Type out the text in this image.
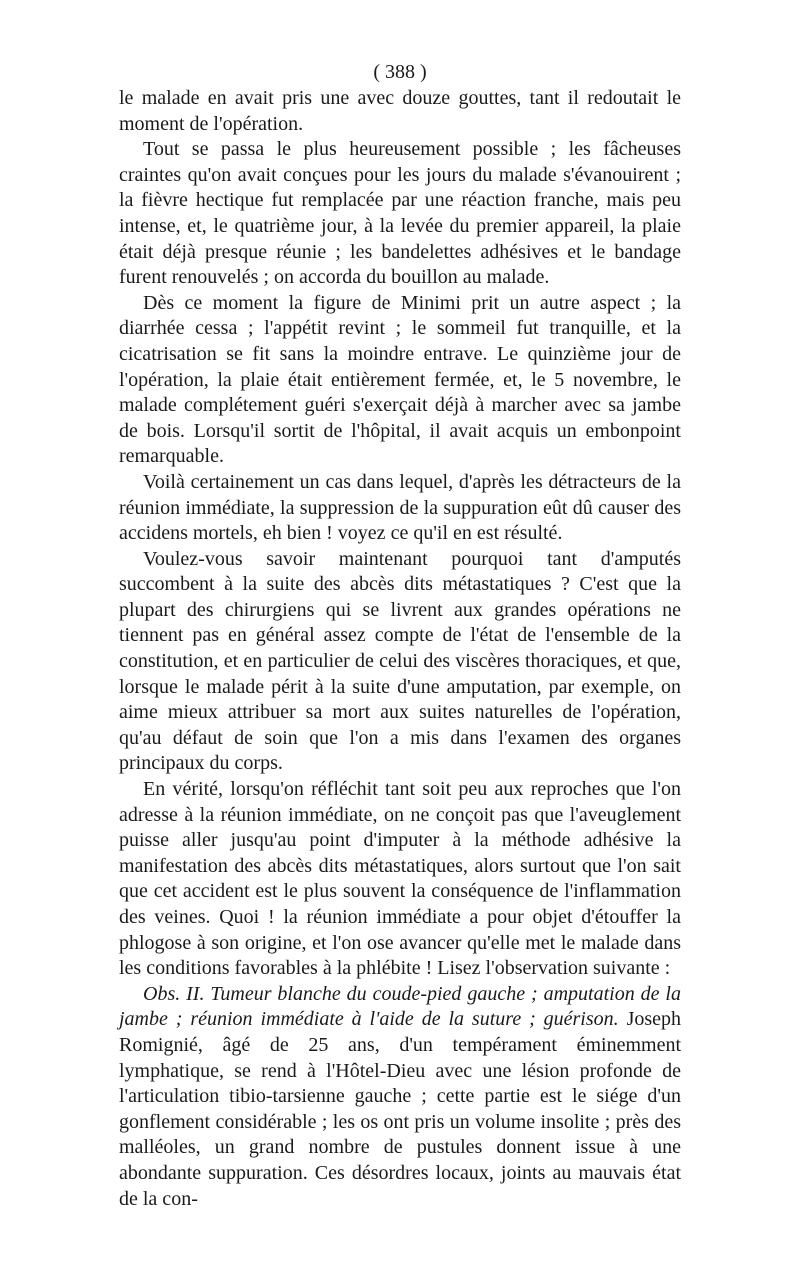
( 388 )

le malade en avait pris une avec douze gouttes, tant il redoutait le moment de l'opération.

Tout se passa le plus heureusement possible ; les fâcheuses craintes qu'on avait conçues pour les jours du malade s'évanouirent ; la fièvre hectique fut remplacée par une réaction franche, mais peu intense, et, le quatrième jour, à la levée du premier appareil, la plaie était déjà presque réunie ; les bandelettes adhésives et le bandage furent renouvelés ; on accorda du bouillon au malade.

Dès ce moment la figure de Minimi prit un autre aspect ; la diarrhée cessa ; l'appétit revint ; le sommeil fut tranquille, et la cicatrisation se fit sans la moindre entrave. Le quinzième jour de l'opération, la plaie était entièrement fermée, et, le 5 novembre, le malade complétement guéri s'exerçait déjà à marcher avec sa jambe de bois. Lorsqu'il sortit de l'hôpital, il avait acquis un embonpoint remarquable.

Voilà certainement un cas dans lequel, d'après les détracteurs de la réunion immédiate, la suppression de la suppuration eût dû causer des accidens mortels, eh bien ! voyez ce qu'il en est résulté.

Voulez-vous savoir maintenant pourquoi tant d'amputés succombent à la suite des abcès dits métastatiques ? C'est que la plupart des chirurgiens qui se livrent aux grandes opérations ne tiennent pas en général assez compte de l'état de l'ensemble de la constitution, et en particulier de celui des viscères thoraciques, et que, lorsque le malade périt à la suite d'une amputation, par exemple, on aime mieux attribuer sa mort aux suites naturelles de l'opération, qu'au défaut de soin que l'on a mis dans l'examen des organes principaux du corps.

En vérité, lorsqu'on réfléchit tant soit peu aux reproches que l'on adresse à la réunion immédiate, on ne conçoit pas que l'aveuglement puisse aller jusqu'au point d'imputer à la méthode adhésive la manifestation des abcès dits métastatiques, alors surtout que l'on sait que cet accident est le plus souvent la conséquence de l'inflammation des veines. Quoi ! la réunion immédiate a pour objet d'étouffer la phlogose à son origine, et l'on ose avancer qu'elle met le malade dans les conditions favorables à la phlébite ! Lisez l'observation suivante :

Obs. II. Tumeur blanche du coude-pied gauche ; amputation de la jambe ; réunion immédiate à l'aide de la suture ; guérison. Joseph Romignié, âgé de 25 ans, d'un tempérament éminemment lymphatique, se rend à l'Hôtel-Dieu avec une lésion profonde de l'articulation tibio-tarsienne gauche ; cette partie est le siége d'un gonflement considérable ; les os ont pris un volume insolite ; près des malléoles, un grand nombre de pustules donnent issue à une abondante suppuration. Ces désordres locaux, joints au mauvais état de la con-
